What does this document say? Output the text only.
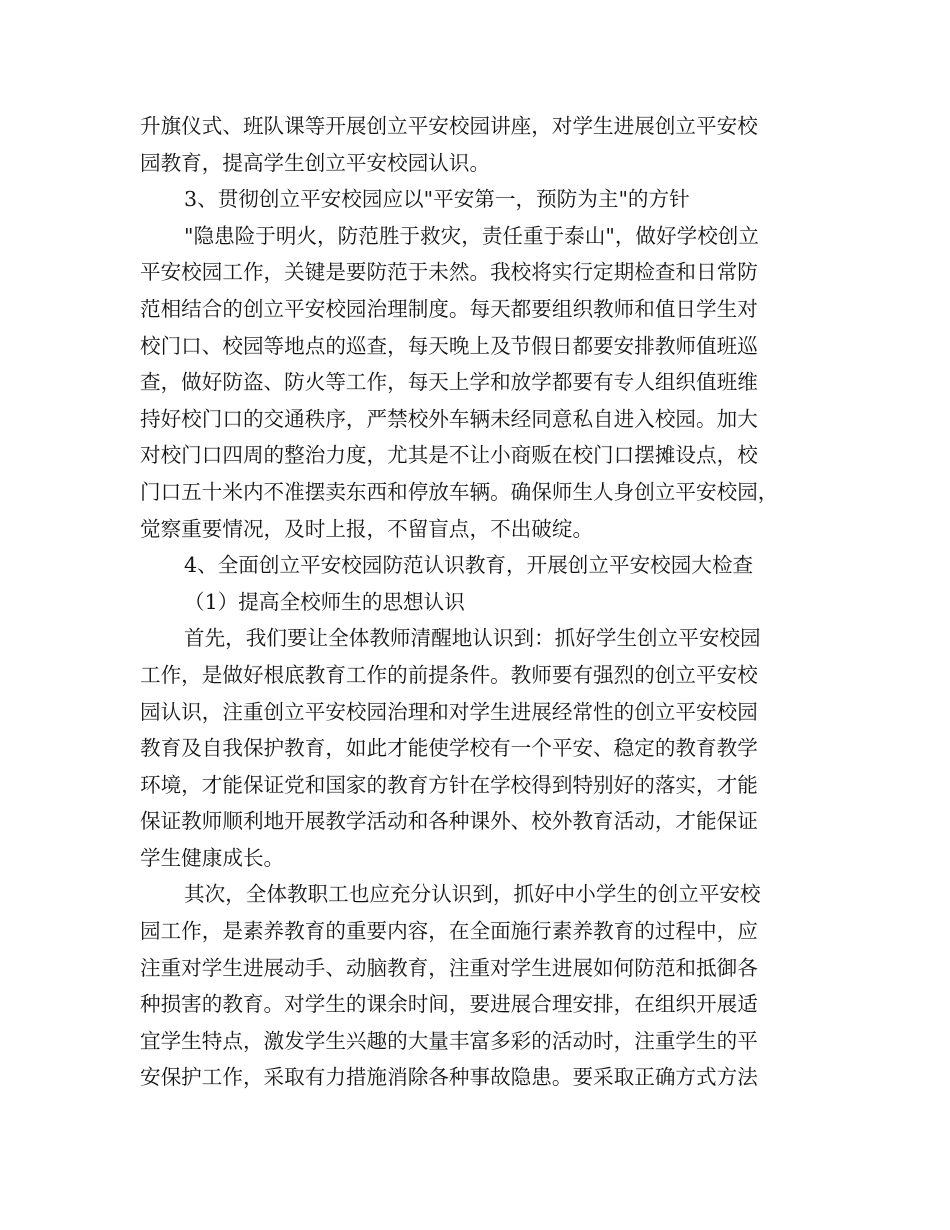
升旗仪式、班队课等开展创立平安校园讲座，对学生进展创立平安校
园教育，提高学生创立平安校园认识。
3、贯彻创立平安校园应以"平安第一，预防为主"的方针
"隐患险于明火，防范胜于救灾，责任重于泰山"，做好学校创立
平安校园工作，关键是要防范于未然。我校将实行定期检查和日常防
范相结合的创立平安校园治理制度。每天都要组织教师和值日学生对
校门口、校园等地点的巡查，每天晚上及节假日都要安排教师值班巡
查，做好防盗、防火等工作，每天上学和放学都要有专人组织值班维
持好校门口的交通秩序，严禁校外车辆未经同意私自进入校园。加大
对校门口四周的整治力度，尤其是不让小商贩在校门口摆摊设点，校
门口五十米内不准摆卖东西和停放车辆。确保师生人身创立平安校园，
觉察重要情况，及时上报，不留盲点，不出破绽。
4、全面创立平安校园防范认识教育，开展创立平安校园大检查
（1）提高全校师生的思想认识
首先，我们要让全体教师清醒地认识到：抓好学生创立平安校园
工作，是做好根底教育工作的前提条件。教师要有强烈的创立平安校
园认识，注重创立平安校园治理和对学生进展经常性的创立平安校园
教育及自我保护教育，如此才能使学校有一个平安、稳定的教育教学
环境，才能保证党和国家的教育方针在学校得到特别好的落实，才能
保证教师顺利地开展教学活动和各种课外、校外教育活动，才能保证
学生健康成长。
其次，全体教职工也应充分认识到，抓好中小学生的创立平安校
园工作，是素养教育的重要内容，在全面施行素养教育的过程中，应
注重对学生进展动手、动脑教育，注重对学生进展如何防范和抵御各
种损害的教育。对学生的课余时间，要进展合理安排，在组织开展适
宜学生特点，激发学生兴趣的大量丰富多彩的活动时，注重学生的平
安保护工作，采取有力措施消除各种事故隐患。要采取正确方式方法
